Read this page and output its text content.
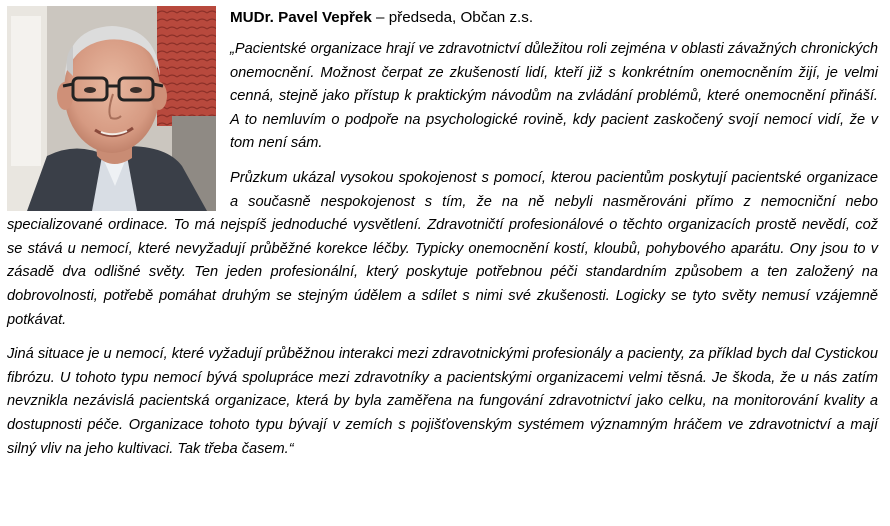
MUDr. Pavel Vepřek – předseda, Občan z.s.

„Pacientské organizace hrají ve zdravotnictví důležitou roli zejména v oblasti závažných chronických onemocnění. Možnost čerpat ze zkušeností lidí, kteří již s konkrétním onemocněním žijí, je velmi cenná, stejně jako přístup k praktickým návodům na zvládání problémů, které onemocnění přináší. A to nemluvím o podpoře na psychologické rovině, kdy pacient zaskočený svojí nemocí vidí, že v tom není sám.

Průzkum ukázal vysokou spokojenost s pomocí, kterou pacientům poskytují pacientské organizace a současně nespokojenost s tím, že na ně nebyli nasměrováni přímo z nemocniční nebo specializované ordinace. To má nejspíš jednoduché vysvětlení. Zdravotničtí profesionálové o těchto organizacích prostě nevědí, což se stává u nemocí, které nevyžadují průběžné korekce léčby. Typicky onemocnění kostí, kloubů, pohybového aparátu. Ony jsou to v zásadě dva odlišné světy. Ten jeden profesionální, který poskytuje potřebnou péči standardním způsobem a ten založený na dobrovolnosti, potřebě pomáhat druhým se stejným údělem a sdílet s nimi své zkušenosti. Logicky se tyto světy nemusí vzájemně potkávat.

Jiná situace je u nemocí, které vyžadují průběžnou interakci mezi zdravotnickými profesionály a pacienty, za příklad bych dal Cystickou fibrózu. U tohoto typu nemocí bývá spolupráce mezi zdravotníky a pacientskými organizacemi velmi těsná. Je škoda, že u nás zatím nevznikla nezávislá pacientská organizace, která by byla zaměřena na fungování zdravotnictví jako celku, na monitorování kvality a dostupnosti péče. Organizace tohoto typu bývají v zemích s pojišťovenským systémem významným hráčem ve zdravotnictví a mají silný vliv na jeho kultivaci. Tak třeba časem.“
